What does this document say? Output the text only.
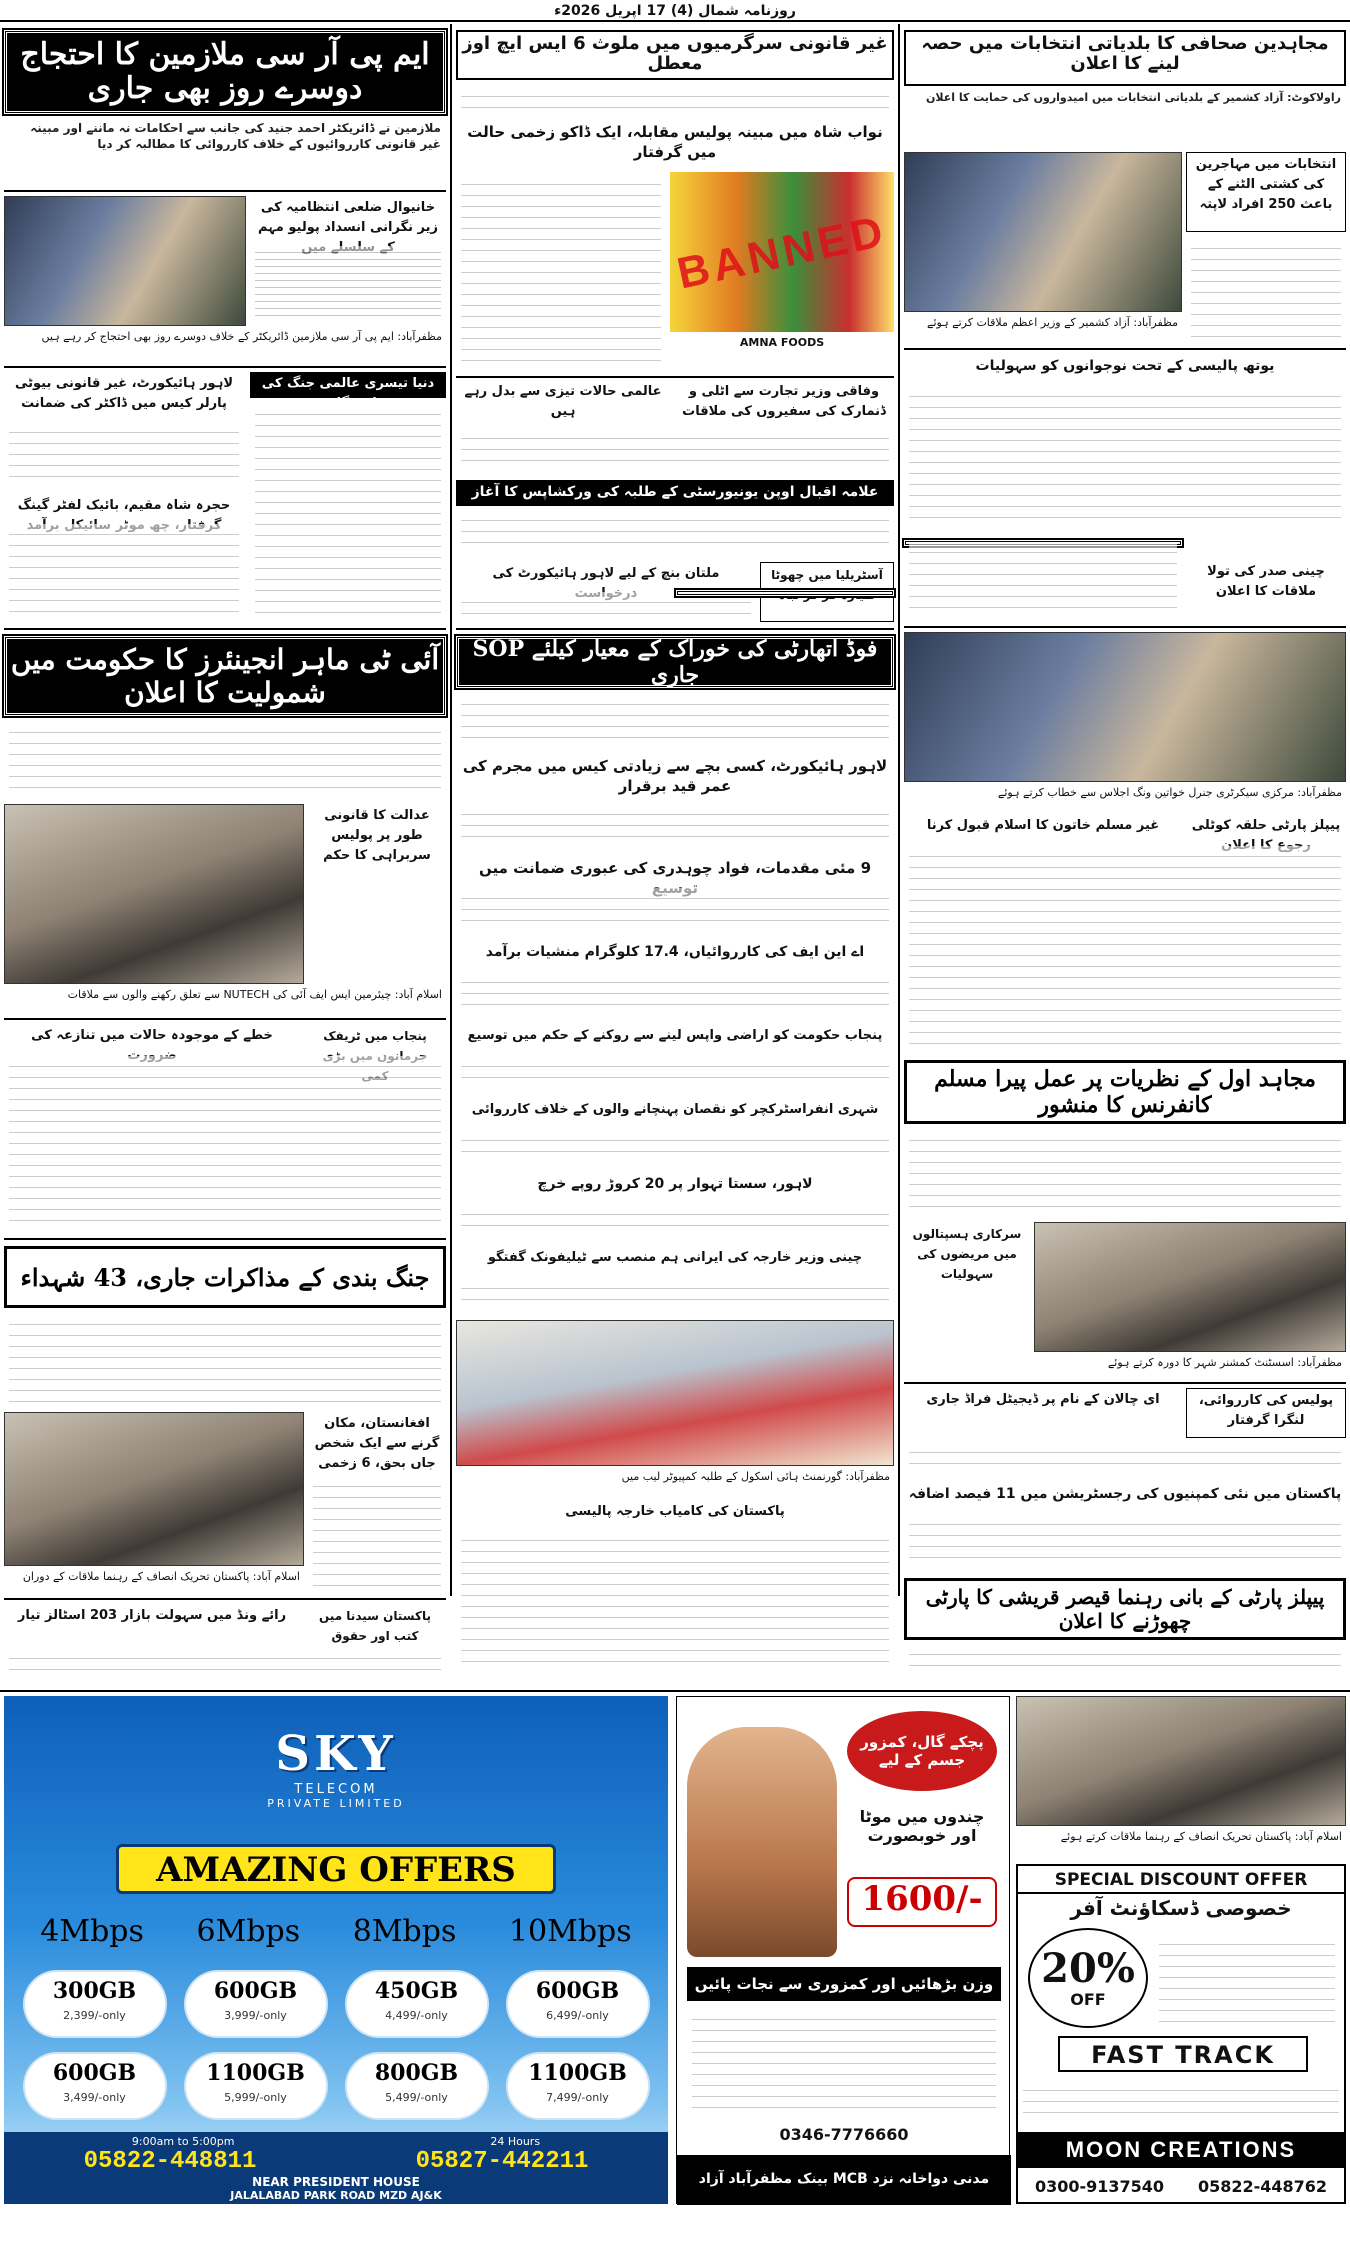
روزنامہ شمال (4) 17 اپریل 2026ء
ایم پی آر سی ملازمین کا احتجاج دوسرے روز بھی جاری
ملازمین نے ڈائریکٹر احمد جنید کی جانب سے احکامات نہ ماننے اور مبینہ غیر قانونی کارروائیوں کے خلاف کارروائی کا مطالبہ کر دیا
خانیوال ضلعی انتظامیہ کی زیر نگرانی انسداد پولیو مہم
مظفرآباد: ایم پی آر سی ملازمین ڈائریکٹر کے خلاف دوسرے روز بھی احتجاج کر رہے ہیں
دنیا تیسری عالمی جنگ کی
لاہور ہائیکورٹ، غیر قانونی بیوٹی پارلر کیس میں ڈاکٹر کی ضمانت
حجرہ شاہ مقیم، بائیک لفٹر گینگ
آئی ٹی ماہر انجینئرز کا حکومت میں شمولیت کا اعلان
عدالت کا قانونی طور پر پولیس سربراہی کا حکم
اسلام آباد: چیئرمین ایس ایف آئی کی NUTECH سے تعلق رکھنے والوں سے ملاقات
پنجاب میں ٹریفک
خطے کے موجودہ حالات میں تنازعہ کی
جنگ بندی کے مذاکرات جاری، 43 شہداء
افغانستان، مکان گرنے سے ایک شخص جاں بحق، 6 زخمی
اسلام آباد: پاکستان تحریک انصاف کے رہنما ملاقات کے دوران
پاکستان سیدنا میں کتب اور حقوق
رائے ونڈ میں سہولت بازار 203 اسٹالز تیار
غیر قانونی سرگرمیوں میں ملوث 6 ایس ایچ اوز معطل
نواب شاہ میں مبینہ پولیس مقابلہ، ایک ڈاکو زخمی حالت میں گرفتار
BANNED
AMNA FOODS
عالمی حالات تیزی سے بدل رہے ہیں
وفاقی وزیر تجارت سے اٹلی و ڈنمارک کی سفیروں کی ملاقات
علامہ اقبال اوپن یونیورسٹی کے طلبہ کی ورکشاپس کا آغاز
ملتان بنچ کے لیے لاہور ہائیکورٹ کی	آسٹریلیا میں چھوٹا
فوڈ اتھارٹی کی خوراک کے معیار کیلئے SOP جاری
لاہور ہائیکورٹ، کسی بچے سے زیادتی کیس میں مجرم کی عمر قید برقرار
9 مئی مقدمات، فواد چوہدری کی عبوری ضمانت میں
اے این ایف کی کارروائیاں، 17.4 کلوگرام منشیات برآمد
پنجاب حکومت کو اراضی واپس لینے سے روکنے کے حکم میں توسیع
شہری انفراسٹرکچر کو نقصان پہنچانے والوں کے خلاف کارروائی
لاہور، سستا تہوار پر 20 کروڑ روپے خرچ
چینی وزیر خارجہ کی ایرانی ہم منصب سے ٹیلیفونک گفتگو
مظفرآباد: گورنمنٹ ہائی اسکول کے طلبہ کمپیوٹر لیب میں
پاکستان کی کامیاب خارجہ پالیسی
مجاہدین صحافی کا بلدیاتی انتخابات میں حصہ لینے کا اعلان
راولاکوٹ: آزاد کشمیر کے بلدیاتی انتخابات میں امیدواروں کی حمایت کا اعلان
انتخابات میں مہاجرین کی کشتی الٹنے کے باعث 250 افراد لاپتہ
مظفرآباد: آزاد کشمیر کے وزیر اعظم ملاقات کرتے ہوئے
یوتھ پالیسی کے تحت نوجوانوں کو سہولیات
چینی صدر کی تولا ملاقات کا اعلان
مظفرآباد: مرکزی سیکرٹری جنرل خواتین ونگ اجلاس سے خطاب کرتے ہوئے
پیپلز پارٹی حلقہ کوٹلی
غیر مسلم خاتون کا اسلام قبول کرنا
مجاہد اول کے نظریات پر عمل پیرا مسلم کانفرنس کا منشور
سرکاری ہسپتالوں میں مریضوں کی سہولیات
مظفرآباد: اسسٹنٹ کمشنر شہر کا دورہ کرتے ہوئے
پولیس کی کارروائی، لنگرا گرفتار
ای چالان کے نام پر ڈیجیٹل فراڈ جاری
پاکستان میں نئی کمپنیوں کی رجسٹریشن میں 11 فیصد اضافہ
پیپلز پارٹی کے بانی رہنما قیصر قریشی کا پارٹی چھوڑنے کا اعلان
SKY
TELECOM
PRIVATE LIMITED
AMAZING OFFERS
4Mbps 6Mbps 8Mbps 10Mbps
300GB
2,399/-only
600GB
3,999/-only
450GB
4,499/-only
600GB
6,499/-only
600GB
3,499/-only
1100GB
5,999/-only
800GB
5,499/-only
1100GB
7,499/-only
9:00am to 5:00pm	24 Hours
05822-448811	05827-442211
NEAR PRESIDENT HOUSE
JALALABAD PARK ROAD MZD AJ&K
پچکے گال، کمزور جسم کے لیے
چندوں میں موٹا اور خوبصورت
1600/-
وزن بڑھائیں اور کمزوری سے نجات پائیں
0346-7776660
مدنی دواخانہ نزد MCB بینک مظفرآباد آزاد کشمیر
اسلام آباد: پاکستان تحریک انصاف کے رہنما ملاقات کرتے ہوئے
SPECIAL DISCOUNT OFFER
خصوصی ڈسکاؤنٹ آفر
20%
OFF
FAST TRACK
MOON CREATIONS
0300-9137540 05822-448762
